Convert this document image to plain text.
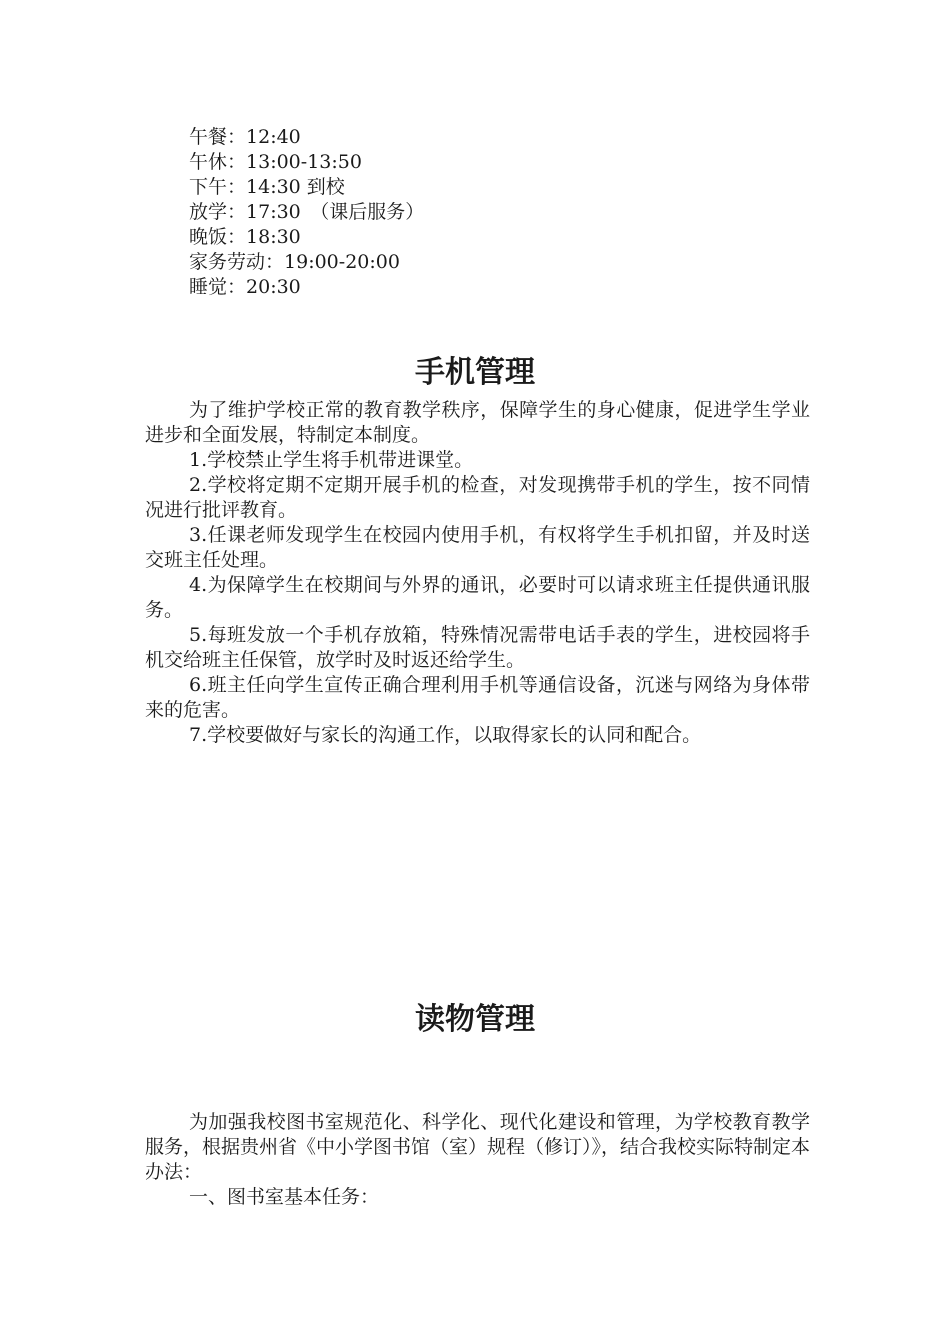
午餐：12:40
午休：13:00-13:50
下午：14:30 到校
放学：17:30　（课后服务）
晚饭：18:30
家务劳动：19:00-20:00
睡觉：20:30
手机管理

为了维护学校正常的教育教学秩序，保障学生的身心健康，促进学生学业进步和全面发展，特制定本制度。

1.学校禁止学生将手机带进课堂。

2.学校将定期不定期开展手机的检查，对发现携带手机的学生，按不同情况进行批评教育。

3.任课老师发现学生在校园内使用手机，有权将学生手机扣留，并及时送交班主任处理。

4.为保障学生在校期间与外界的通讯，必要时可以请求班主任提供通讯服务。

5.每班发放一个手机存放箱，特殊情况需带电话手表的学生，进校园将手机交给班主任保管，放学时及时返还给学生。

6.班主任向学生宣传正确合理利用手机等通信设备，沉迷与网络为身体带来的危害。

7.学校要做好与家长的沟通工作，以取得家长的认同和配合。

读物管理

为加强我校图书室规范化、科学化、现代化建设和管理，为学校教育教学服务，根据贵州省《中小学图书馆（室）规程（修订）》，结合我校实际特制定本办法：

一、图书室基本任务：
